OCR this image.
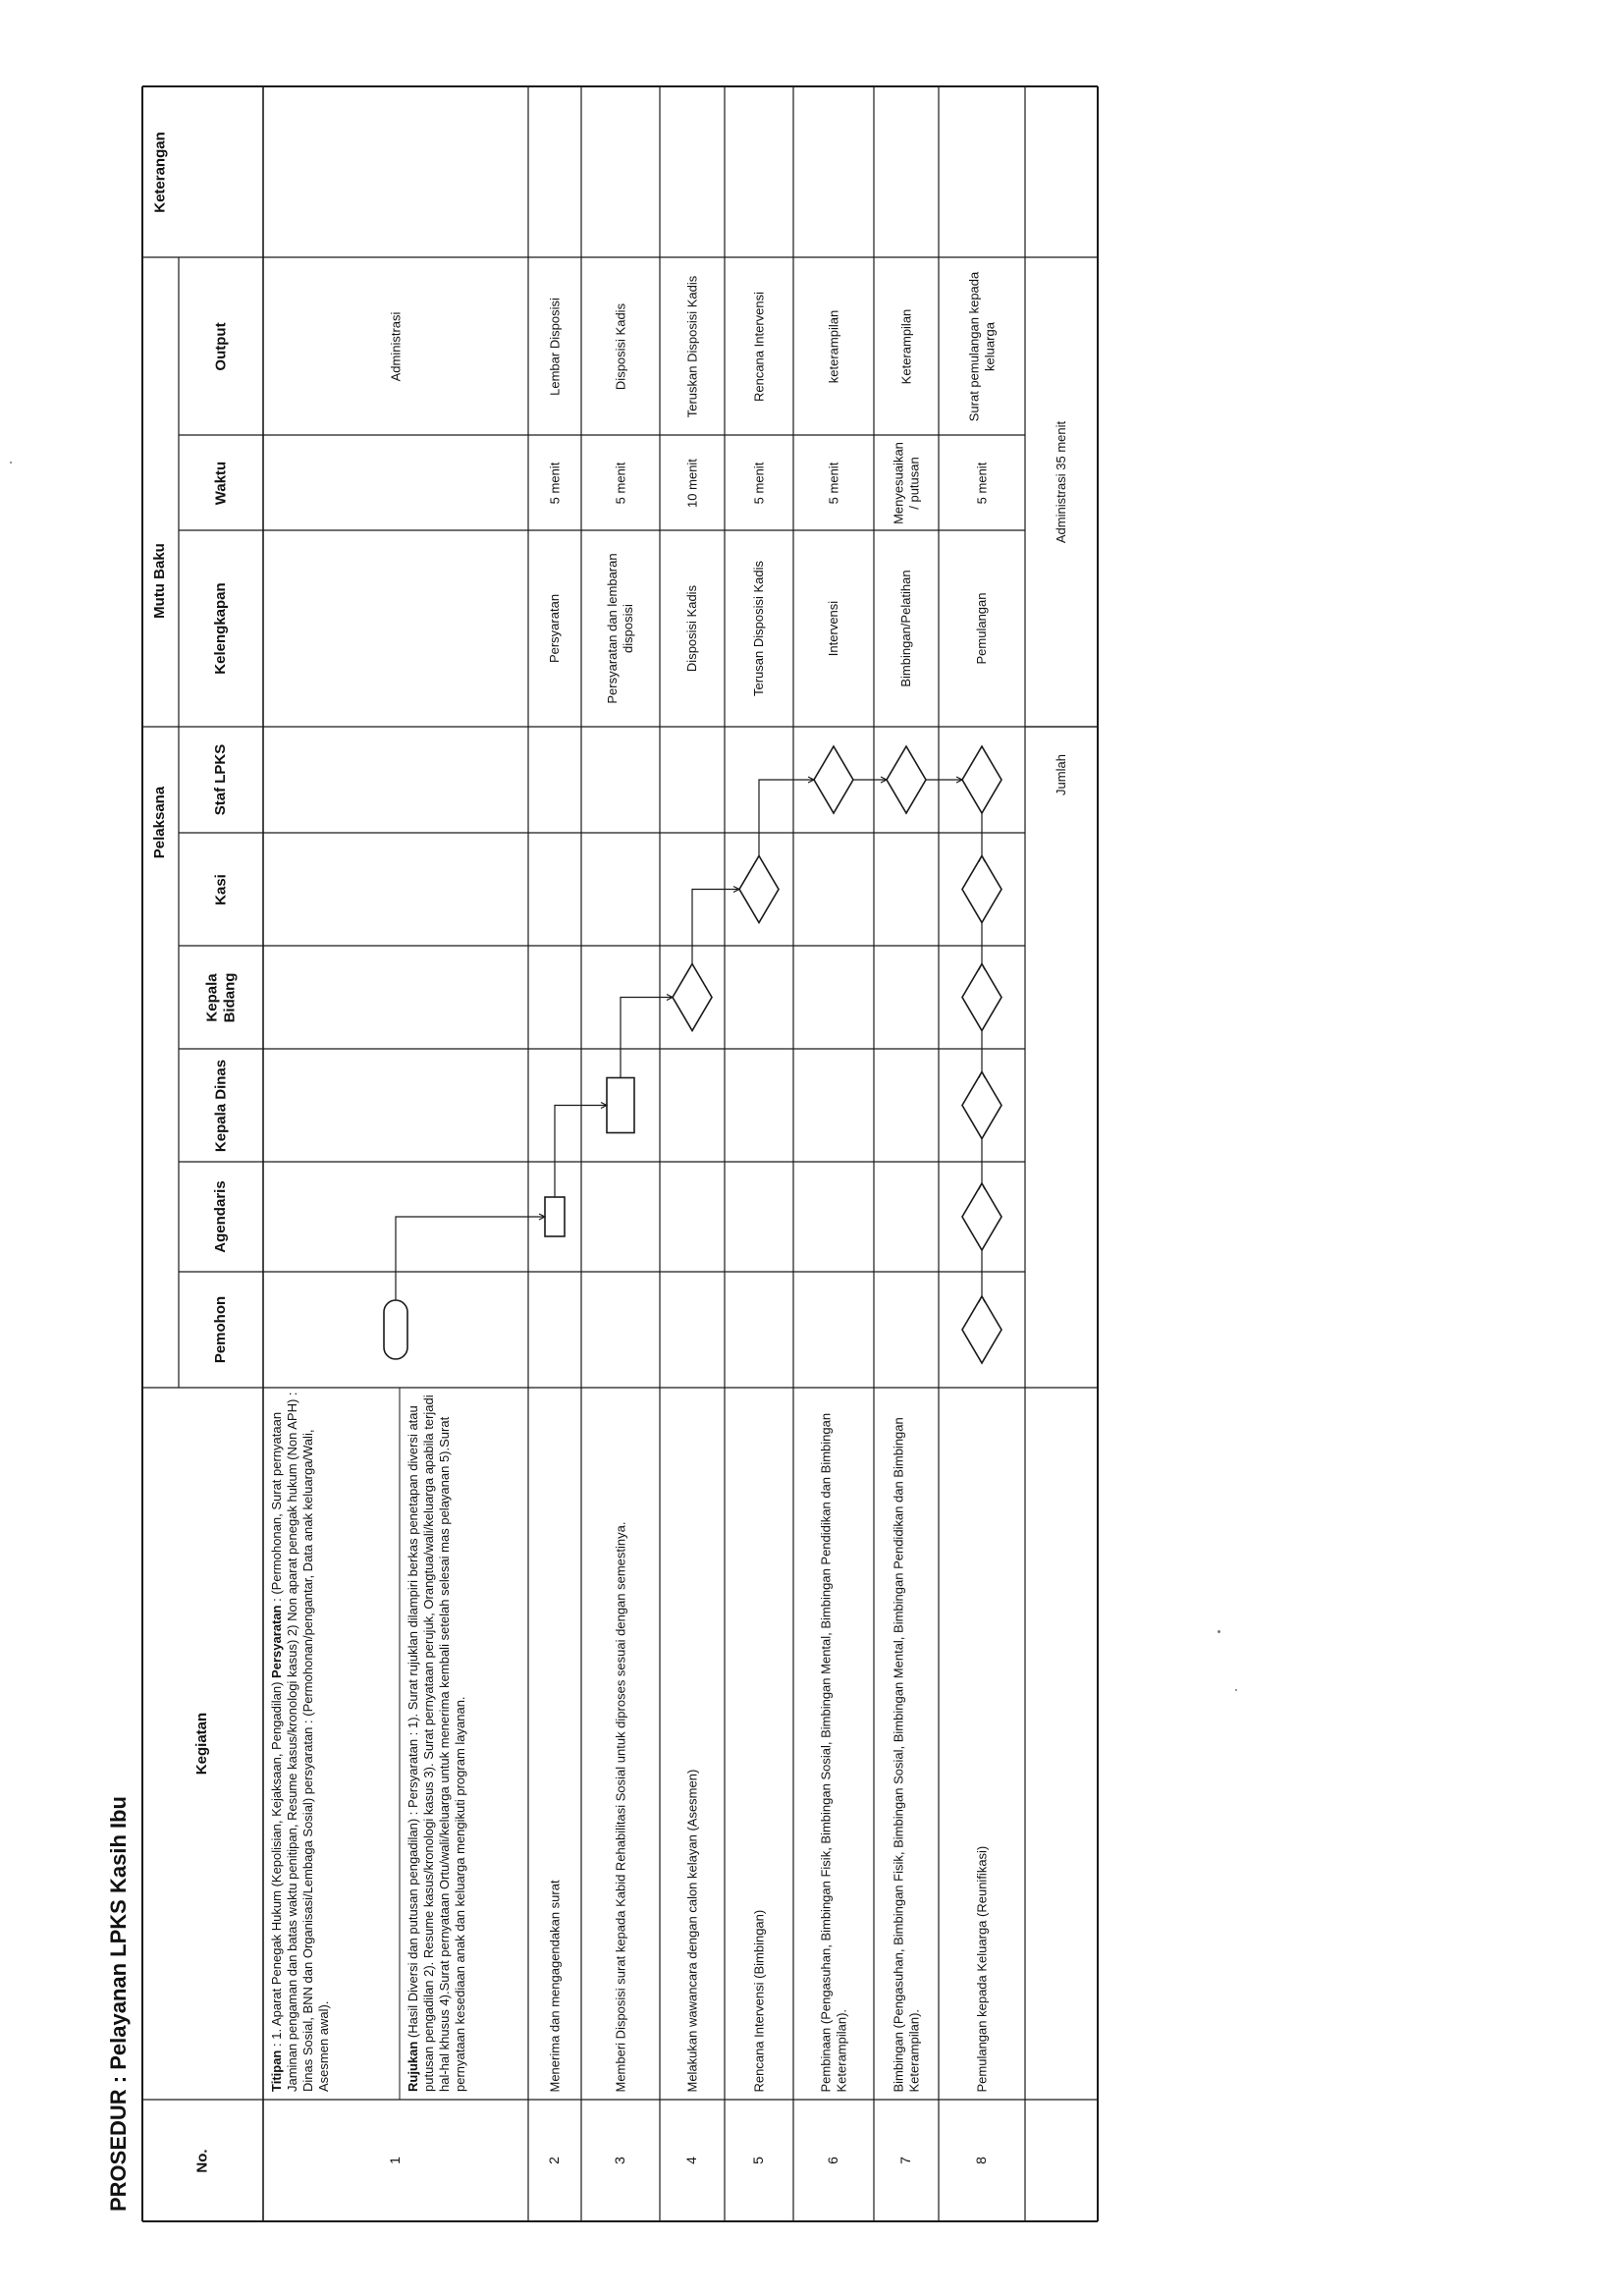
PROSEDUR : Pelayanan LPKS Kasih Ibu	No.
Kegiatan
Pelaksana
Keterangan
Pemohon
Agendaris
Kepala Dinas
Kepala Bidang
Kasi
Staf LPKS
Mutu Baku
Kelengkapan
Waktu
Output
1
Titipan : 1. Aparat Penegak Hukum (Kepolisian, Kejaksaan, Pengadilan) Persyaratan : (Permohonan, Surat pernyataan Jaminan pengaman dan batas waktu penitipan, Resume kasus/kronologi kasus) 2) Non aparat penegak hukum (Non APH) : Dinas Sosial, BNN dan Organisasi/Lembaga Sosial) persyaratan : (Permohonan/pengantar, Data anak keluarga/Wali, Asesmen awal).	Rujukan (Hasil Diversi dan putusan pengadilan) : Persyaratan : 1). Surat rujuklan dilampiri berkas penetapan diversi atau putusan pengadilan 2). Resume kasus/kronologi kasus 3). Surat pernyataan perujuk, Orangtua/wali/keluarga apabila terjadi hal-hal khusus 4).Surat pernyataan Ortu/wali/keluarga untuk menerima kembali setelah selesai mas pelayanan 5).Surat pernyataan kesediaan anak dan keluarga mengikuti program layanan.
Administrasi
2
Menerima dan mengagendakan surat
Persyaratan
5 menit
Lembar Disposisi
3
Memberi Disposisi surat kepada Kabid Rehabilitasi Sosial untuk diproses sesuai dengan semestinya.
Persyaratan dan lembaran disposisi
5 menit
Disposisi Kadis
4
Melakukan wawancara dengan calon kelayan (Asesmen)
Disposisi Kadis
10 menit
Teruskan Disposisi Kadis
5
Rencana Intervensi (Bimbingan)
Terusan Disposisi Kadis
5 menit
Rencana Intervensi
6
Pembinaan (Pengasuhan, Bimbingan Fisik, Bimbingan Sosial, Bimbingan Mental, Bimbingan Pendidikan dan Bimbingan Keterampilan).
Intervensi
5 menit
keterampilan
7
Bimbingan (Pengasuhan, Bimbingan Fisik, Bimbingan Sosial, Bimbingan Mental, Bimbingan Pendidikan dan Bimbingan Keterampilan).
Bimbingan/Pelatihan
Menyesuaikan / putusan
Keterampilan
8
Pemulangan kepada Keluarga (Reunifikasi)
Pemulangan
5 menit
Surat pemulangan kepada keluarga
Jumlah
Administrasi 35 menit
